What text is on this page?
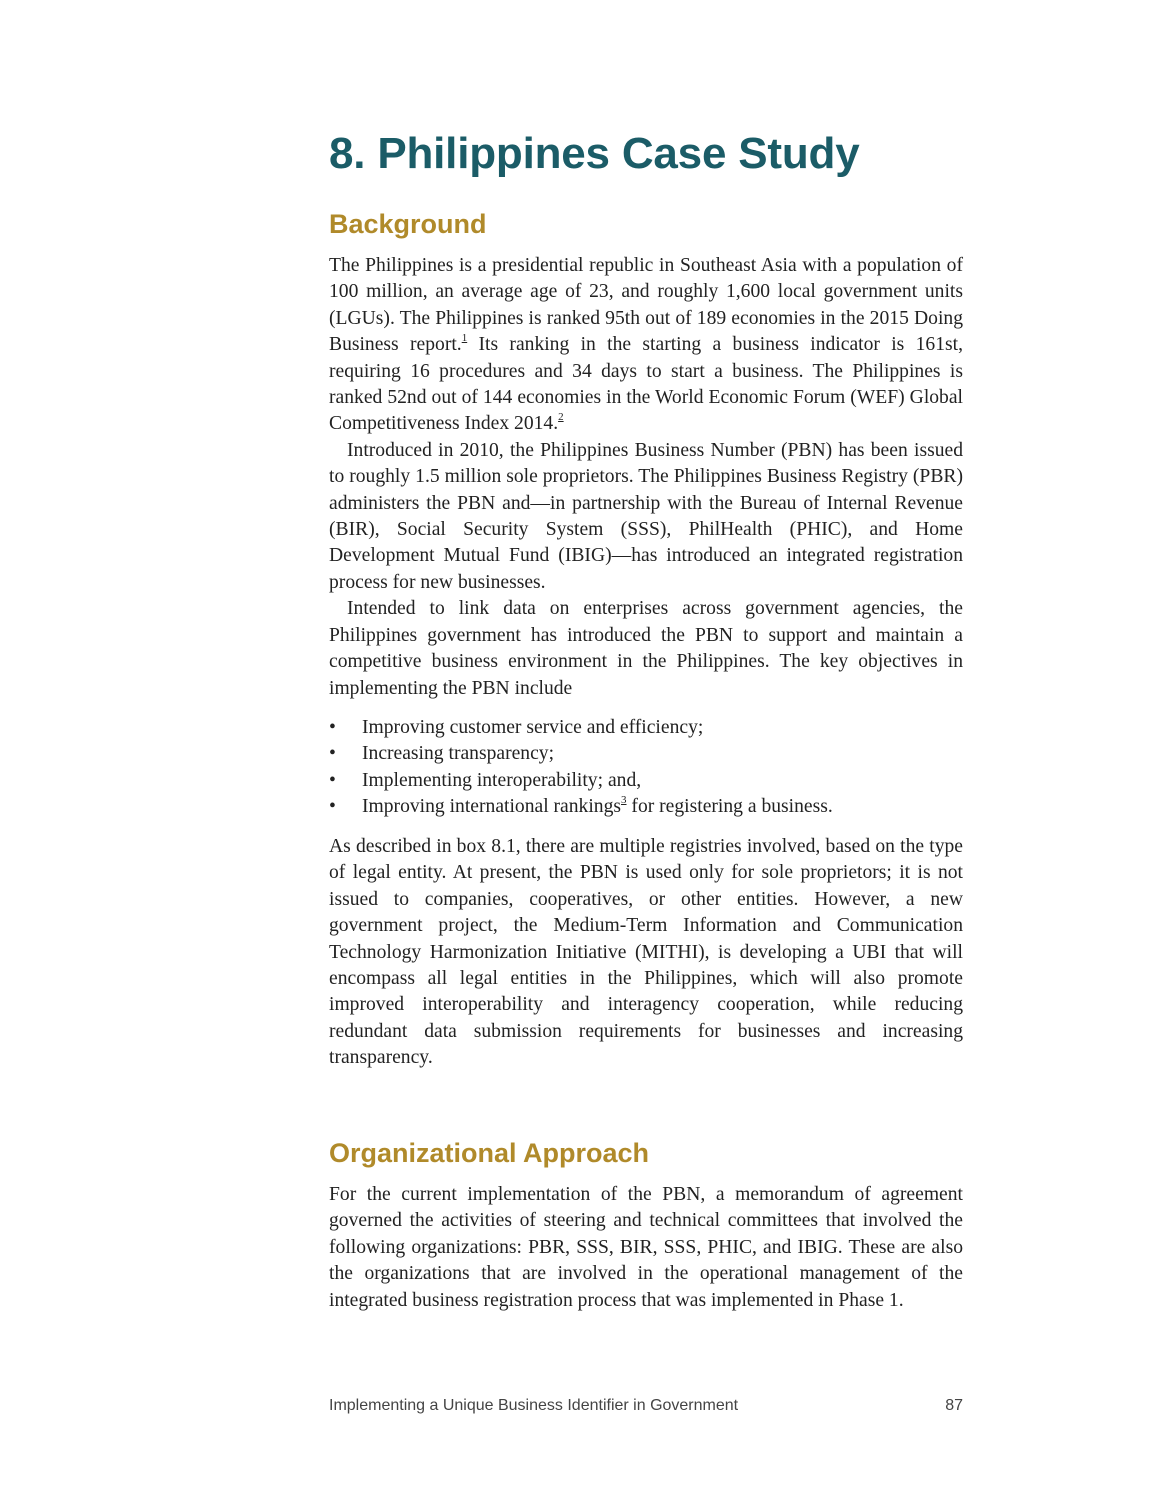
8. Philippines Case Study
Background

The Philippines is a presidential republic in Southeast Asia with a population of 100 million, an average age of 23, and roughly 1,600 local government units (LGUs). The Philippines is ranked 95th out of 189 economies in the 2015 Doing Business report.$^1$ Its ranking in the starting a business indicator is 161st, requiring 16 procedures and 34 days to start a business. The Philippines is ranked 52nd out of 144 economies in the World Economic Forum (WEF) Global Competitiveness Index 2014.$^2$

Introduced in 2010, the Philippines Business Number (PBN) has been issued to roughly 1.5 million sole proprietors. The Philippines Business Registry (PBR) administers the PBN and—in partnership with the Bureau of Internal Revenue (BIR), Social Security System (SSS), PhilHealth (PHIC), and Home Development Mutual Fund (IBIG)—has introduced an integrated registration process for new businesses.

Intended to link data on enterprises across government agencies, the Philippines government has introduced the PBN to support and maintain a competitive business environment in the Philippines. The key objectives in implementing the PBN include

• Improving customer service and efficiency;
• Increasing transparency;
• Implementing interoperability; and,
• Improving international rankings$^3$ for registering a business.

As described in box 8.1, there are multiple registries involved, based on the type of legal entity. At present, the PBN is used only for sole proprietors; it is not issued to companies, cooperatives, or other entities. However, a new government project, the Medium-Term Information and Communication Technology Harmonization Initiative (MITHI), is developing a UBI that will encompass all legal entities in the Philippines, which will also promote improved interoperability and interagency cooperation, while reducing redundant data submission requirements for businesses and increasing transparency.

Organizational Approach

For the current implementation of the PBN, a memorandum of agreement governed the activities of steering and technical committees that involved the following organizations: PBR, SSS, BIR, SSS, PHIC, and IBIG. These are also the organizations that are involved in the operational management of the integrated business registration process that was implemented in Phase 1.

Implementing a Unique Business Identifier in Government	87
